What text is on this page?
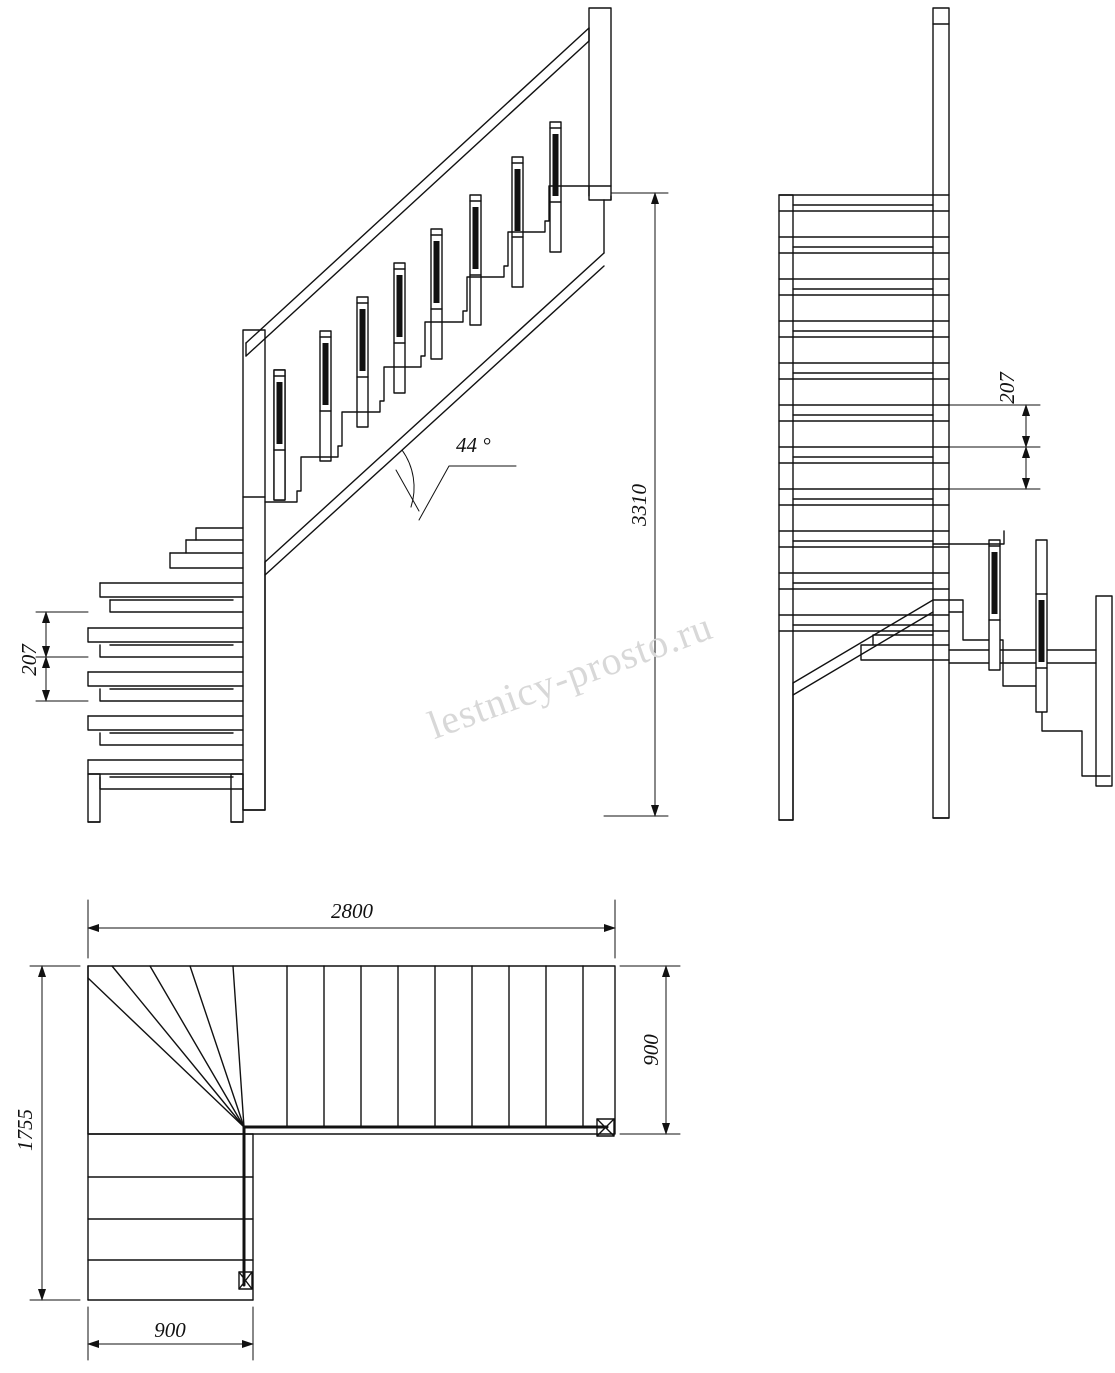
207
3310
44 °
207
2800
900
1755
900
lestnicy-prosto.ru
